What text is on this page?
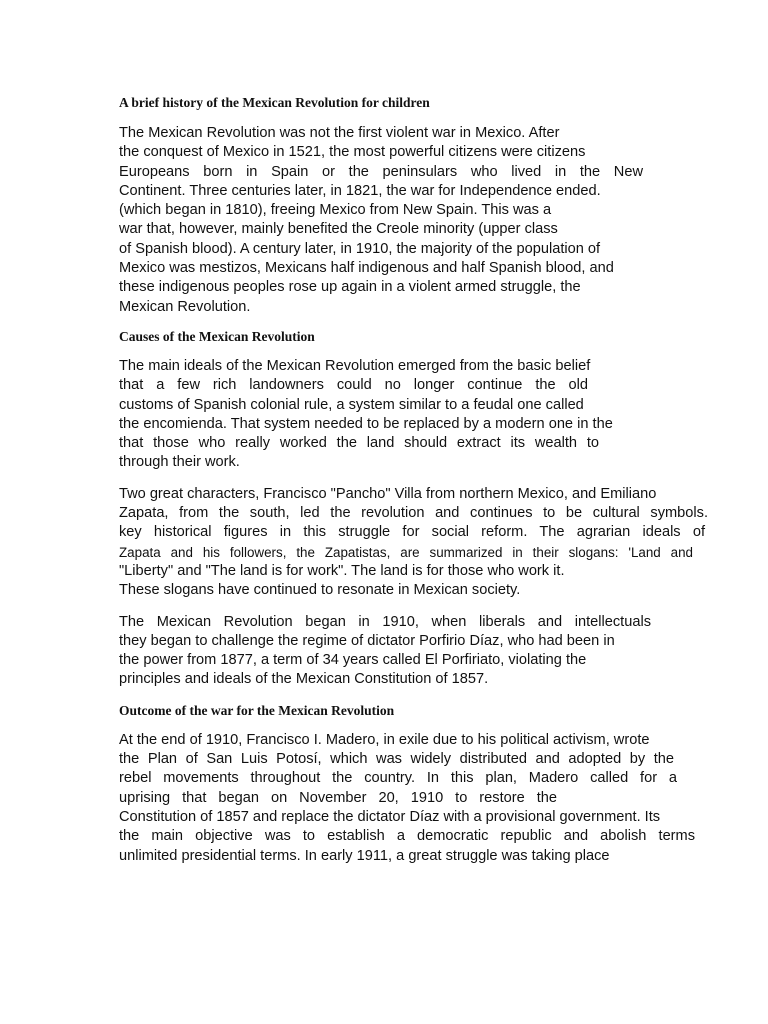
A brief history of the Mexican Revolution for children
The Mexican Revolution was not the first violent war in Mexico. After
the conquest of Mexico in 1521, the most powerful citizens were citizens
Europeans born in Spain or the peninsulars who lived in the New
Continent. Three centuries later, in 1821, the war for Independence ended.
(which began in 1810), freeing Mexico from New Spain. This was a
war that, however, mainly benefited the Creole minority (upper class
of Spanish blood). A century later, in 1910, the majority of the population of
Mexico was mestizos, Mexicans half indigenous and half Spanish blood, and
these indigenous peoples rose up again in a violent armed struggle, the
Mexican Revolution.
Causes of the Mexican Revolution
The main ideals of the Mexican Revolution emerged from the basic belief
that a few rich landowners could no longer continue the old
customs of Spanish colonial rule, a system similar to a feudal one called
the encomienda. That system needed to be replaced by a modern one in the
that those who really worked the land should extract its wealth to
through their work.
Two great characters, Francisco "Pancho" Villa from northern Mexico, and Emiliano
Zapata, from the south, led the revolution and continues to be cultural symbols.
key historical figures in this struggle for social reform. The agrarian ideals of
Zapata and his followers, the Zapatistas, are summarized in their slogans: 'Land and
"Liberty" and "The land is for work". The land is for those who work it.
These slogans have continued to resonate in Mexican society.
The Mexican Revolution began in 1910, when liberals and intellectuals
they began to challenge the regime of dictator Porfirio Díaz, who had been in
the power from 1877, a term of 34 years called El Porfiriato, violating the
principles and ideals of the Mexican Constitution of 1857.
Outcome of the war for the Mexican Revolution
At the end of 1910, Francisco I. Madero, in exile due to his political activism, wrote
the Plan of San Luis Potosí, which was widely distributed and adopted by the
rebel movements throughout the country. In this plan, Madero called for a
uprising that began on November 20, 1910 to restore the
Constitution of 1857 and replace the dictator Díaz with a provisional government. Its
the main objective was to establish a democratic republic and abolish terms
unlimited presidential terms. In early 1911, a great struggle was taking place
